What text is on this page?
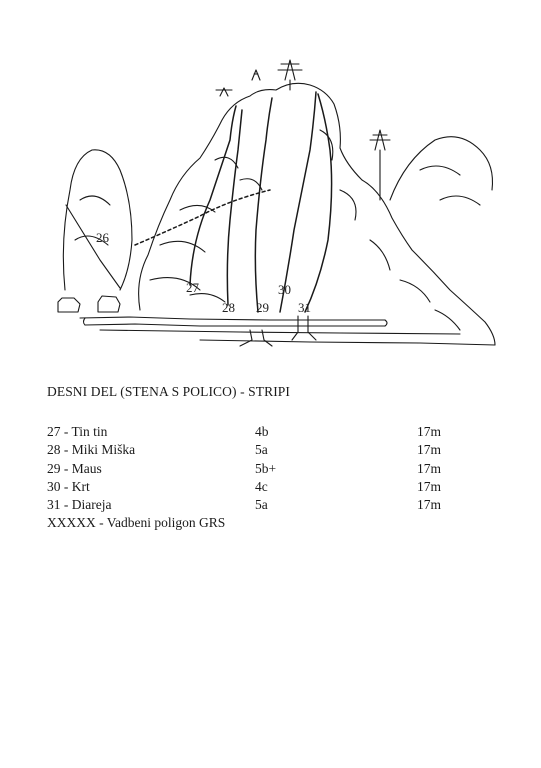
26
27
28 29
30
31
DESNI DEL (STENA S POLICO) - STRIPI
27 - Tin tin	4b	17m
28 - Miki Miška	5a	17m
29 - Maus	5b+	17m
30 - Krt	4c	17m
31 - Diareja	5a	17m
XXXXX - Vadbeni poligon GRS
